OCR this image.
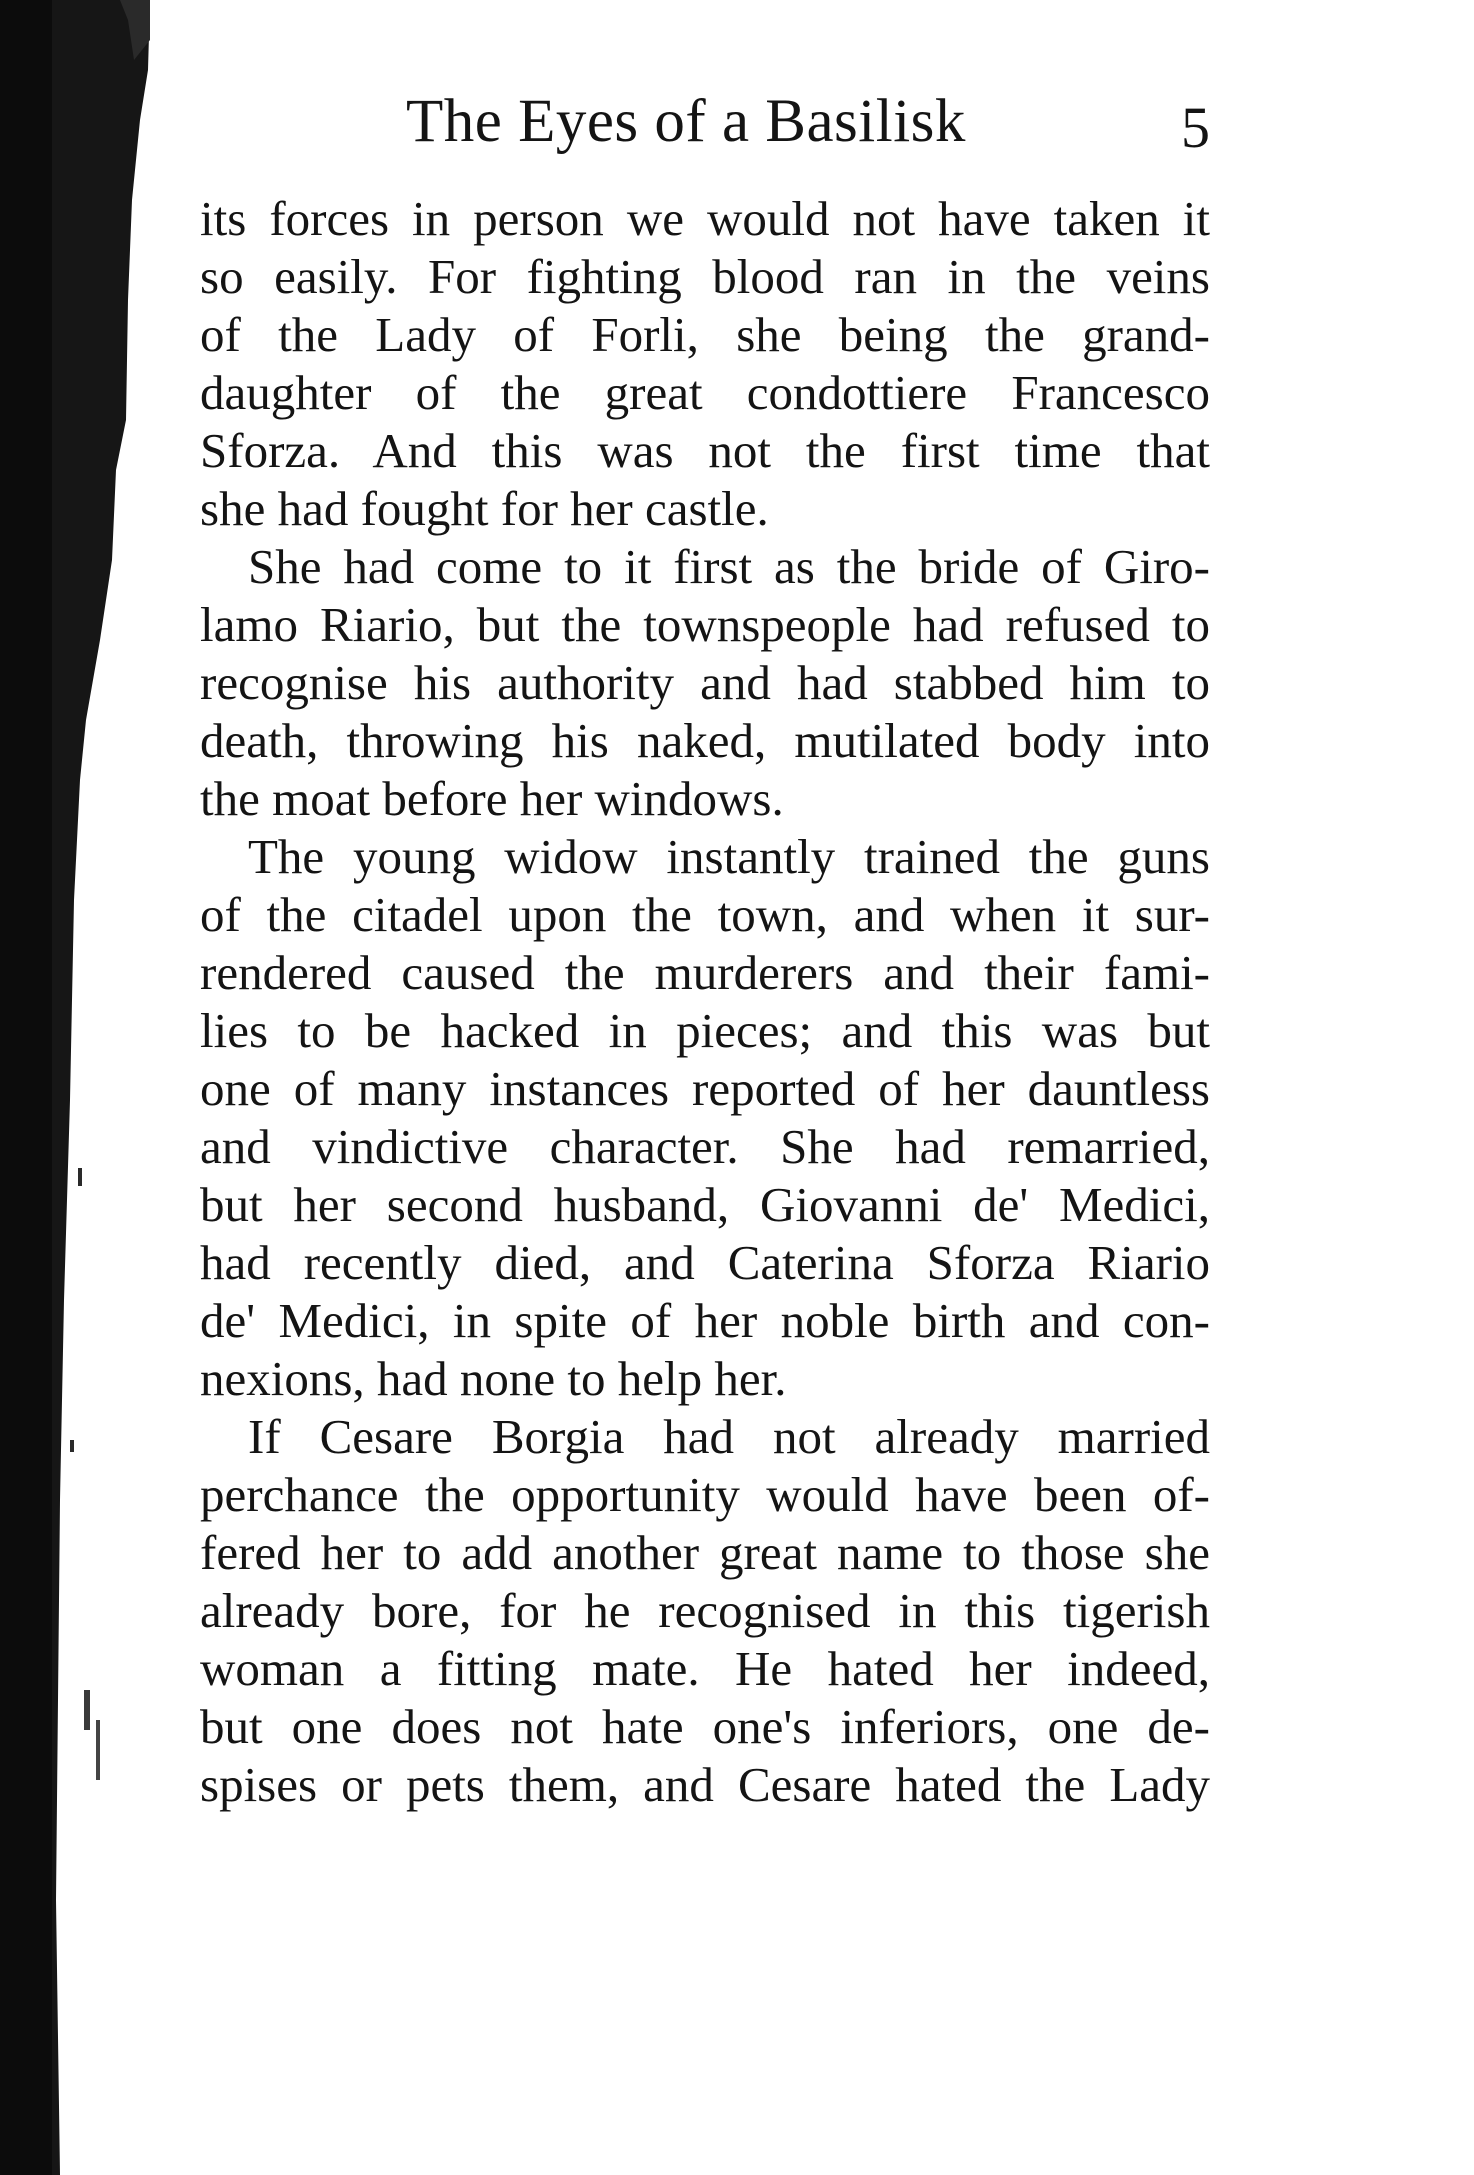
The Eyes of a Basilisk	5
its forces in person we would not have taken it
so easily. For fighting blood ran in the veins
of the Lady of Forli, she being the grand-
daughter of the great condottiere Francesco
Sforza. And this was not the first time that
she had fought for her castle.
She had come to it first as the bride of Giro-
lamo Riario, but the townspeople had refused to
recognise his authority and had stabbed him to
death, throwing his naked, mutilated body into
the moat before her windows.
The young widow instantly trained the guns
of the citadel upon the town, and when it sur-
rendered caused the murderers and their fami-
lies to be hacked in pieces; and this was but
one of many instances reported of her dauntless
and vindictive character. She had remarried,
but her second husband, Giovanni de' Medici,
had recently died, and Caterina Sforza Riario
de' Medici, in spite of her noble birth and con-
nexions, had none to help her.
If Cesare Borgia had not already married
perchance the opportunity would have been of-
fered her to add another great name to those she
already bore, for he recognised in this tigerish
woman a fitting mate. He hated her indeed,
but one does not hate one's inferiors, one de-
spises or pets them, and Cesare hated the Lady
